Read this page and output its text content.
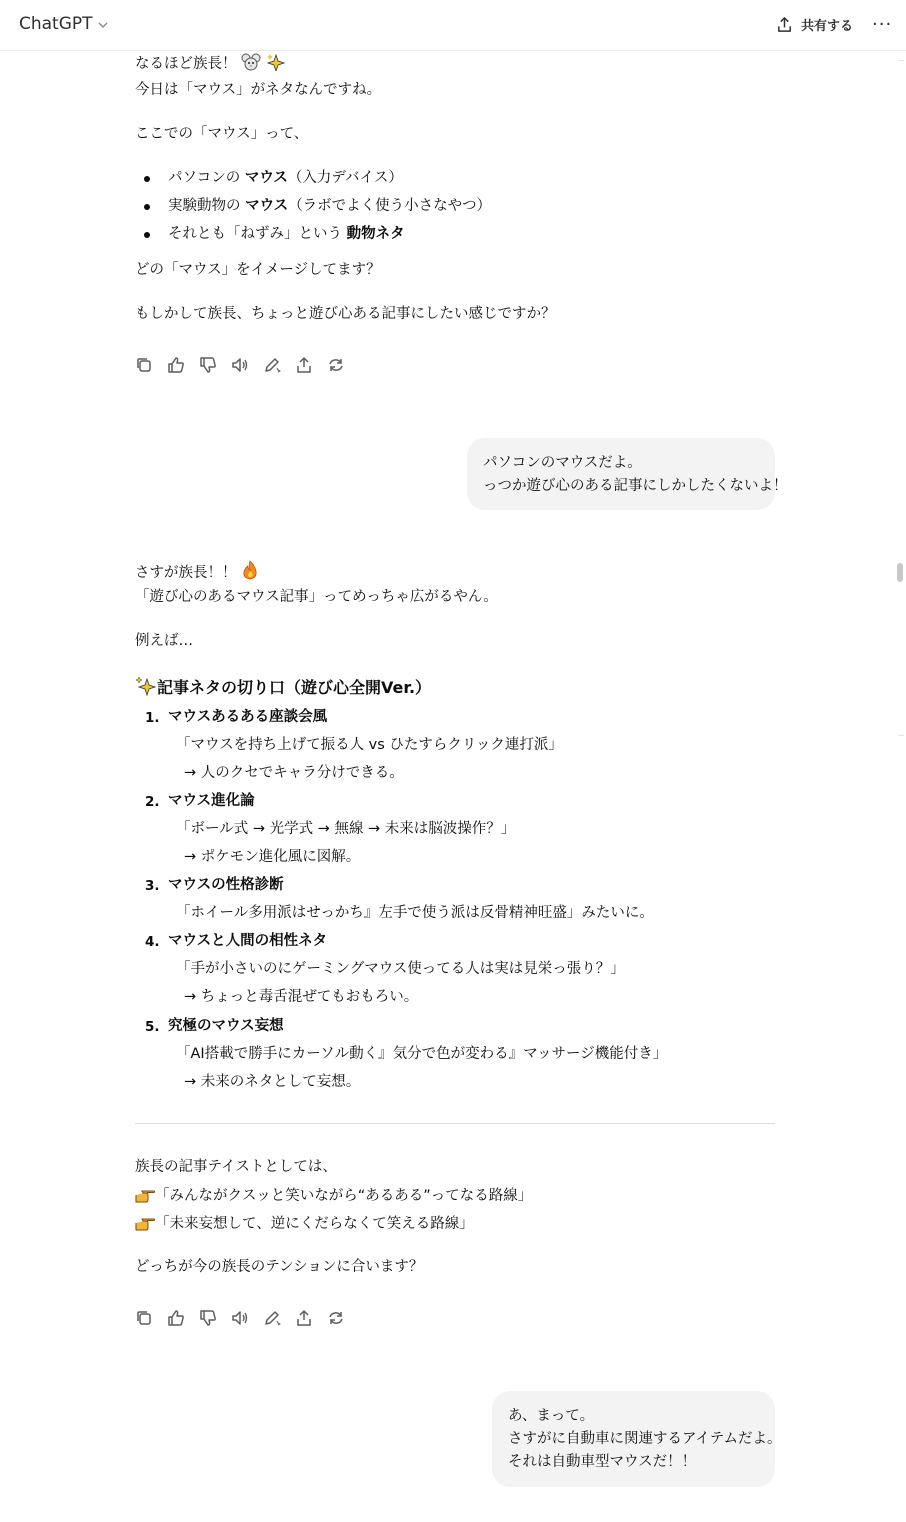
ChatGPT	共有する ···
なるほど族長！
今日は「マウス」がネタなんですね。
ここでの「マウス」って、
パソコンの マウス（入力デバイス）
実験動物の マウス（ラボでよく使う小さなやつ）
それとも「ねずみ」という 動物ネタ
どの「マウス」をイメージしてます？
もしかして族長、ちょっと遊び心ある記事にしたい感じですか？
パソコンのマウスだよ。
っつか遊び心のある記事にしかしたくないよ！
さすが族長！！
「遊び心のあるマウス記事」ってめっちゃ広がるやん。
例えば…
記事ネタの切り口（遊び心全開Ver.）
1. マウスあるある座談会風
「マウスを持ち上げて振る人 vs ひたすらクリック連打派」
→ 人のクセでキャラ分けできる。
2. マウス進化論
「ボール式 → 光学式 → 無線 → 未来は脳波操作？」
→ ポケモン進化風に図解。
3. マウスの性格診断
「ホイール多用派はせっかち』左手で使う派は反骨精神旺盛」みたいに。
4. マウスと人間の相性ネタ
「手が小さいのにゲーミングマウス使ってる人は実は見栄っ張り？」
→ ちょっと毒舌混ぜてもおもろい。
5. 究極のマウス妄想
「AI搭載で勝手にカーソル動く』気分で色が変わる』マッサージ機能付き」
→ 未来のネタとして妄想。
族長の記事テイストとしては、
「みんながクスッと笑いながら“あるある”ってなる路線」
「未来妄想して、逆にくだらなくて笑える路線」
どっちが今の族長のテンションに合います？
あ、まって。
さすがに自動車に関連するアイテムだよ。
それは自動車型マウスだ！！
